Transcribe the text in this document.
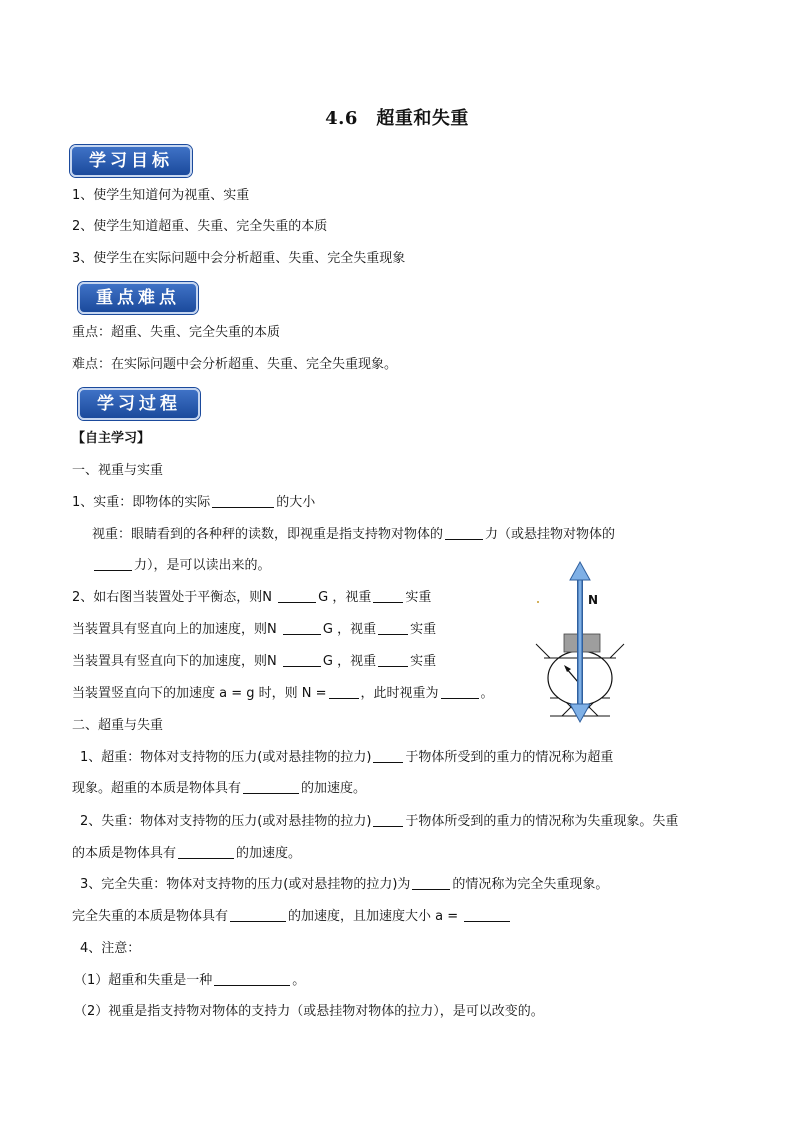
4.6　超重和失重
学习目标
1、使学生知道何为视重、实重
2、使学生知道超重、失重、完全失重的本质
3、使学生在实际问题中会分析超重、失重、完全失重现象
重点难点
重点：超重、失重、完全失重的本质
难点：在实际问题中会分析超重、失重、完全失重现象。
学习过程
【自主学习】
一、视重与实重
1、实重：即物体的实际	的大小
视重：眼睛看到的各种秤的读数，即视重是指支持物对物体的	力（或悬挂物对物体的
力），是可以读出来的。
2、如右图当装置处于平衡态，则N	G ，视重	实重
当装置具有竖直向上的加速度，则N	G ，视重	实重
当装置具有竖直向下的加速度，则N	G ，视重	实重
当装置竖直向下的加速度 a = g 时，则 N =	，此时视重为	。
二、超重与失重
1、超重：物体对支持物的压力(或对悬挂物的拉力)	于物体所受到的重力的情况称为超重
现象。超重的本质是物体具有	的加速度。
2、失重：物体对支持物的压力(或对悬挂物的拉力)	于物体所受到的重力的情况称为失重现象。失重
的本质是物体具有	的加速度。
3、完全失重：物体对支持物的压力(或对悬挂物的拉力)为	的情况称为完全失重现象。
完全失重的本质是物体具有	的加速度，且加速度大小 a =
4、注意：
（1）超重和失重是一种	。
（2）视重是指支持物对物体的支持力（或悬挂物对物体的拉力），是可以改变的。
N
